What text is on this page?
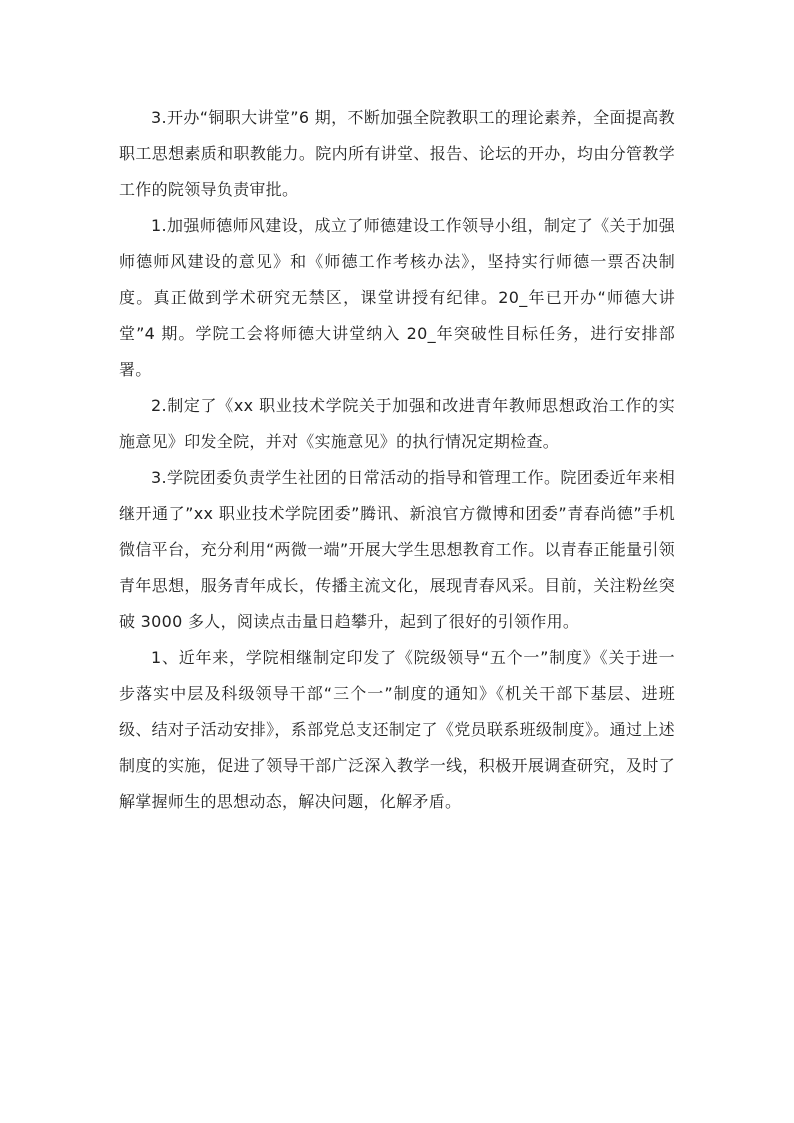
3.开办“铜职大讲堂”6 期，不断加强全院教职工的理论素养，全面提高教职工思想素质和职教能力。院内所有讲堂、报告、论坛的开办，均由分管教学工作的院领导负责审批。

1.加强师德师风建设，成立了师德建设工作领导小组，制定了《关于加强师德师风建设的意见》和《师德工作考核办法》，坚持实行师德一票否决制度。真正做到学术研究无禁区，课堂讲授有纪律。20_年已开办“师德大讲堂”4 期。学院工会将师德大讲堂纳入 20_年突破性目标任务，进行安排部署。

2.制定了《xx 职业技术学院关于加强和改进青年教师思想政治工作的实施意见》印发全院，并对《实施意见》的执行情况定期检查。

3.学院团委负责学生社团的日常活动的指导和管理工作。院团委近年来相继开通了”xx 职业技术学院团委”腾讯、新浪官方微博和团委”青春尚德”手机微信平台，充分利用“两微一端”开展大学生思想教育工作。以青春正能量引领青年思想，服务青年成长，传播主流文化，展现青春风采。目前，关注粉丝突破 3000 多人，阅读点击量日趋攀升，起到了很好的引领作用。

1、近年来，学院相继制定印发了《院级领导“五个一”制度》《关于进一步落实中层及科级领导干部“三个一”制度的通知》《机关干部下基层、进班级、结对子活动安排》，系部党总支还制定了《党员联系班级制度》。通过上述制度的实施，促进了领导干部广泛深入教学一线，积极开展调查研究，及时了解掌握师生的思想动态，解决问题，化解矛盾。
